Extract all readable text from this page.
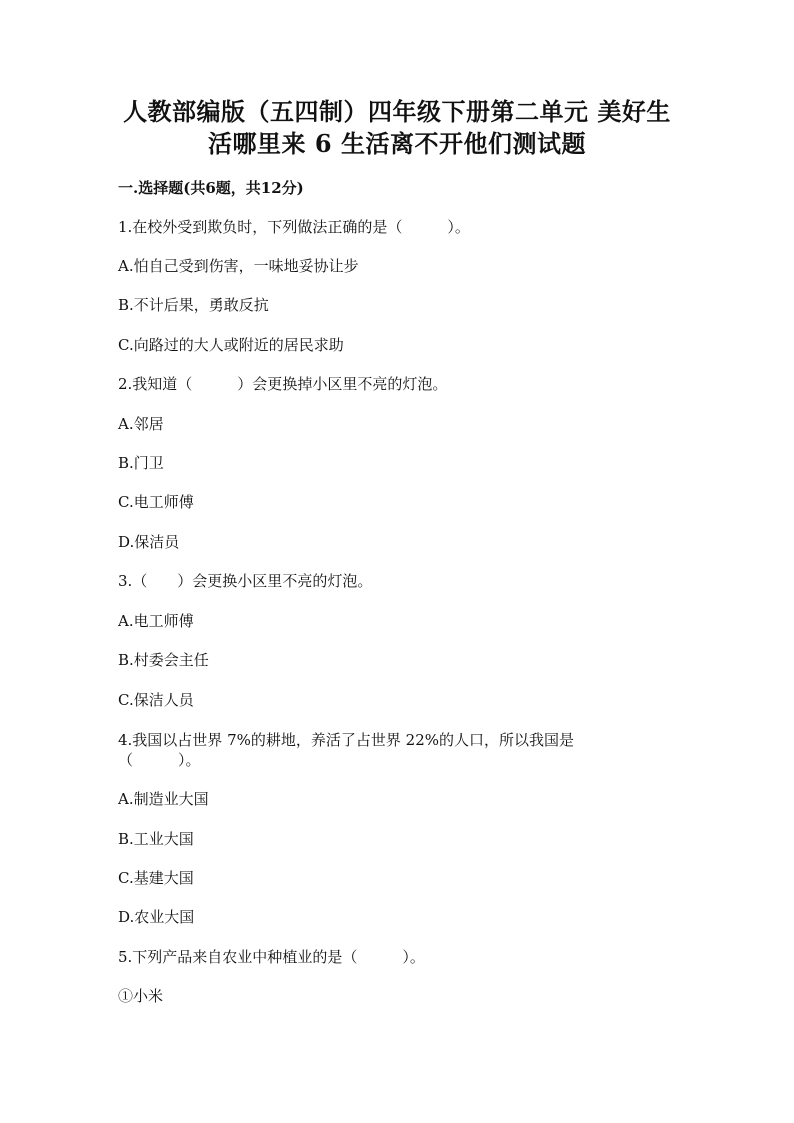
人教部编版（五四制）四年级下册第二单元 美好生
活哪里来 6 生活离不开他们测试题
一.选择题(共6题，共12分)
1.在校外受到欺负时，下列做法正确的是（　　　）。
A.怕自己受到伤害，一味地妥协让步
B.不计后果，勇敢反抗
C.向路过的大人或附近的居民求助
2.我知道（　　　）会更换掉小区里不亮的灯泡。
A.邻居
B.门卫
C.电工师傅
D.保洁员
3.（　　）会更换小区里不亮的灯泡。
A.电工师傅
B.村委会主任
C.保洁人员
4.我国以占世界 7%的耕地，养活了占世界 22%的人口，所以我国是
（　　　）。
A.制造业大国
B.工业大国
C.基建大国
D.农业大国
5.下列产品来自农业中种植业的是（　　　）。
①小米
